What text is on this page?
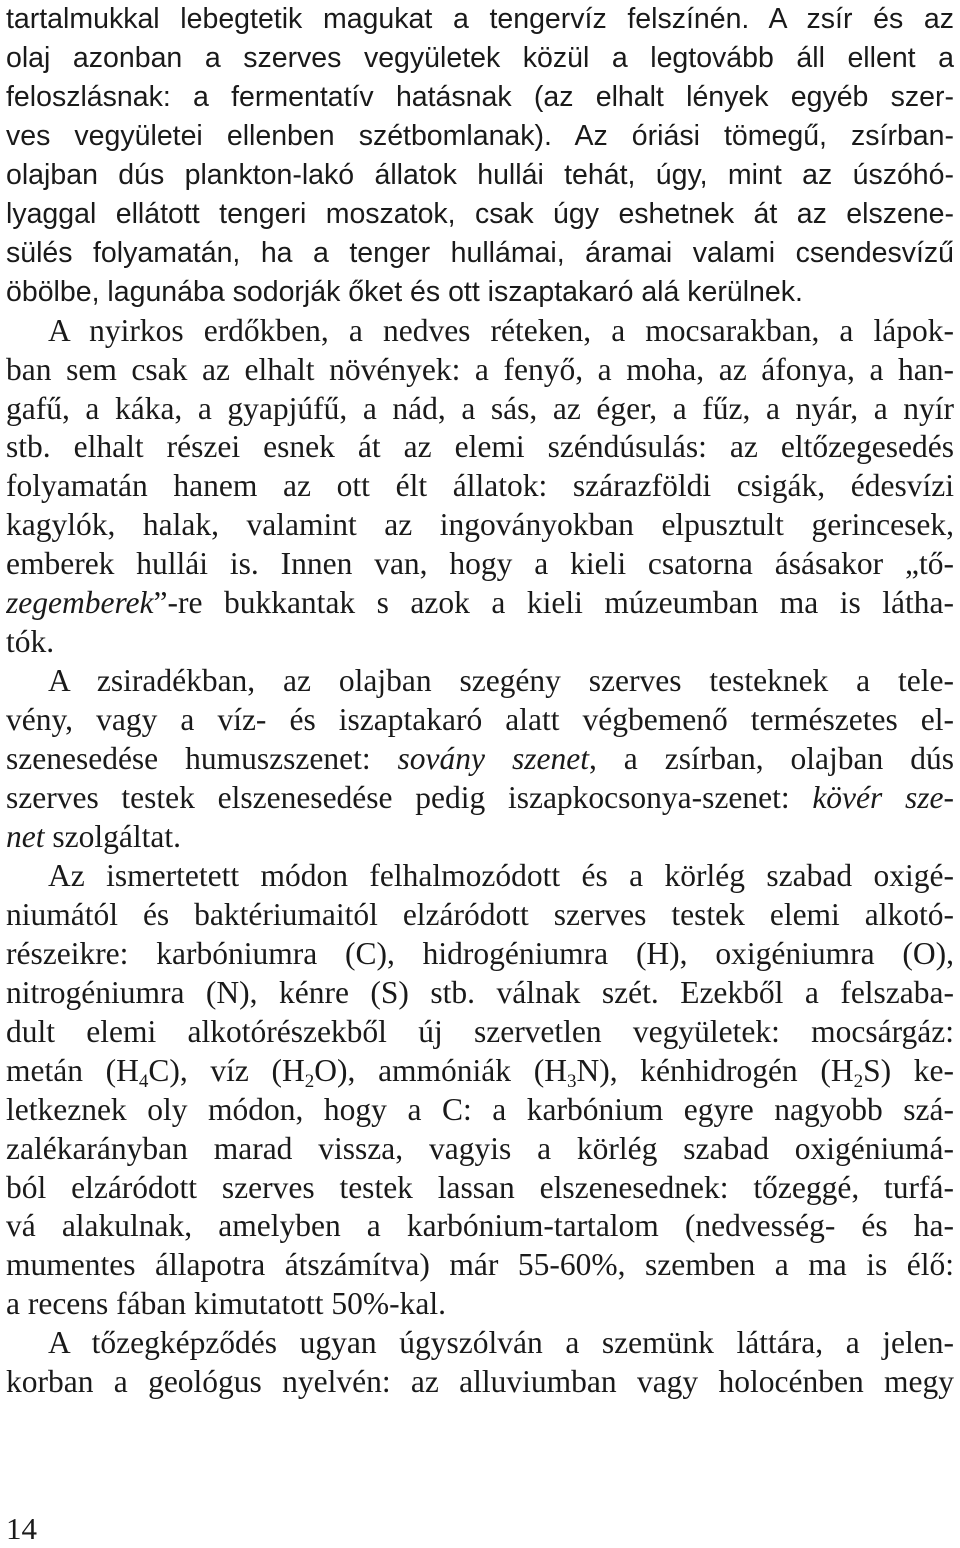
tartalmukkal lebegtetik magukat a tengervíz felszínén. A zsír és az
olaj azonban a szerves vegyületek közül a legtovább áll ellent a
feloszlásnak: a fermentatív hatásnak (az elhalt lények egyéb szer-
ves vegyületei ellenben szétbomlanak). Az óriási tömegű, zsírban-
olajban dús plankton-lakó állatok hullái tehát, úgy, mint az úszóhó-
lyaggal ellátott tengeri moszatok, csak úgy eshetnek át az elszene-
sülés folyamatán, ha a tenger hullámai, áramai valami csendesvízű
öbölbe, lagunába sodorják őket és ott iszaptakaró alá kerülnek.
A nyirkos erdőkben, a nedves réteken, a mocsarakban, a lápok-
ban sem csak az elhalt növények: a fenyő, a moha, az áfonya, a han-
gafű, a káka, a gyapjúfű, a nád, a sás, az éger, a fűz, a nyár, a nyír
stb. elhalt részei esnek át az elemi széndúsulás: az eltőzegesedés
folyamatán hanem az ott élt állatok: szárazföldi csigák, édesvízi
kagylók, halak, valamint az ingoványokban elpusztult gerincesek,
emberek hullái is. Innen van, hogy a kieli csatorna ásásakor „tő-
zegemberek”-re bukkantak s azok a kieli múzeumban ma is látha-
tók.
A zsiradékban, az olajban szegény szerves testeknek a tele-
vény, vagy a víz- és iszaptakaró alatt végbemenő természetes el-
szenesedése humuszszenet: sovány szenet, a zsírban, olajban dús
szerves testek elszenesedése pedig iszapkocsonya-szenet: kövér sze-
net szolgáltat.
Az ismertetett módon felhalmozódott és a körlég szabad oxigé-
niumától és baktériumaitól elzáródott szerves testek elemi alkotó-
részeikre: karbóniumra (C), hidrogéniumra (H), oxigéniumra (O),
nitrogéniumra (N), kénre (S) stb. válnak szét. Ezekből a felszaba-
dult elemi alkotórészekből új szervetlen vegyületek: mocsárgáz:
metán $(H_4C)$, víz $(H_2O)$, ammóniák $(H_3N)$, kénhidrogén $(H_2S)$ ke-
letkeznek oly módon, hogy a C: a karbónium egyre nagyobb szá-
zalékarányban marad vissza, vagyis a körlég szabad oxigéniumá-
ból elzáródott szerves testek lassan elszenesednek: tőzeggé, turfá-
vá alakulnak, amelyben a karbónium-tartalom (nedvesség- és ha-
mumentes állapotra átszámítva) már 55-60%, szemben a ma is élő:
a recens fában kimutatott 50%-kal.
A tőzegképződés ugyan úgyszólván a szemünk láttára, a jelen-
korban a geológus nyelvén: az alluviumban vagy holocénben megy
14
